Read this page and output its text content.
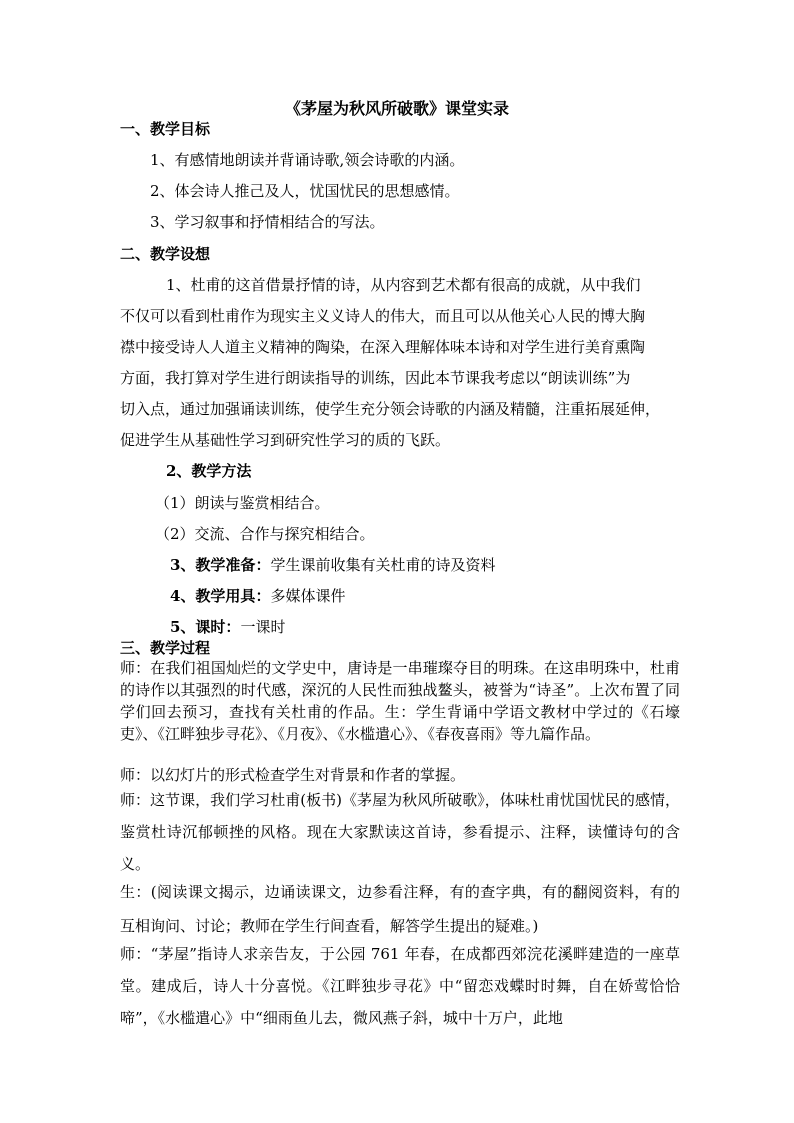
《茅屋为秋风所破歌》课堂实录
一、教学目标
1、有感情地朗读并背诵诗歌,领会诗歌的内涵。
2、体会诗人推己及人，忧国忧民的思想感情。
3、学习叙事和抒情相结合的写法。
二、教学设想
1、杜甫的这首借景抒情的诗，从内容到艺术都有很高的成就，从中我们
不仅可以看到杜甫作为现实主义义诗人的伟大，而且可以从他关心人民的博大胸
襟中接受诗人人道主义精神的陶染，在深入理解体味本诗和对学生进行美育熏陶
方面，我打算对学生进行朗读指导的训练，因此本节课我考虑以“朗读训练”为
切入点，通过加强诵读训练，使学生充分领会诗歌的内涵及精髓，注重拓展延伸，
促进学生从基础性学习到研究性学习的质的飞跃。
2、教学方法
（1）朗读与鉴赏相结合。
（2）交流、合作与探究相结合。
3、教学准备：学生课前收集有关杜甫的诗及资料
4、教学用具：多媒体课件
5、课时：一课时
三、教学过程
师：在我们祖国灿烂的文学史中，唐诗是一串璀璨夺目的明珠。在这串明珠中，杜甫的诗作以其强烈的时代感，深沉的人民性而独战鳌头，被誉为“诗圣”。上次布置了同学们回去预习，查找有关杜甫的作品。生：学生背诵中学语文教材中学过的《石壕吏》、《江畔独步寻花》、《月夜》、《水槛遣心》、《春夜喜雨》等九篇作品。
师：以幻灯片的形式检查学生对背景和作者的掌握。
师：这节课，我们学习杜甫(板书)《茅屋为秋风所破歌》，体味杜甫忧国忧民的感情，鉴赏杜诗沉郁顿挫的风格。现在大家默读这首诗，参看提示、注释，读懂诗句的含义。
生：(阅读课文揭示，边诵读课文，边参看注释，有的查字典，有的翻阅资料，有的互相询问、讨论；教师在学生行间查看，解答学生提出的疑难。)
师：“茅屋”指诗人求亲告友，于公园 761 年春，在成都西郊浣花溪畔建造的一座草堂。建成后，诗人十分喜悦。《江畔独步寻花》中“留恋戏蝶时时舞，自在娇莺恰恰啼”，《水槛遣心》中“细雨鱼儿去，微风燕子斜，城中十万户，此地
